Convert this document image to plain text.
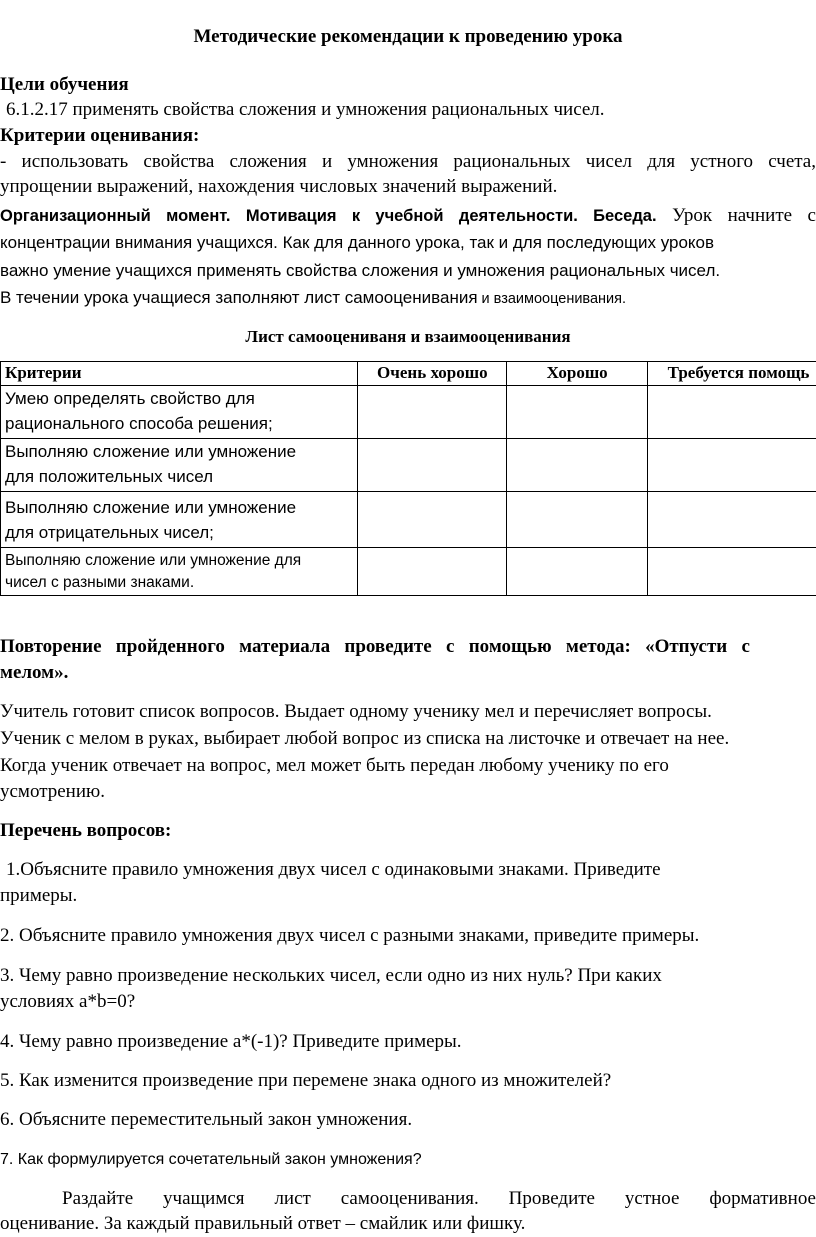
Методические рекомендации к проведению урока
Цели обучения
6.1.2.17 применять свойства сложения и умножения рациональных чисел.
Критерии оценивания:
- использовать свойства сложения и умножения рациональных чисел для устного счета,
упрощении выражений, нахождения числовых значений выражений.
Организационный момент. Мотивация к учебной деятельности. Беседа. Урок начните с
концентрации внимания учащихся. Как для данного урока, так и для последующих уроков
важно умение учащихся применять свойства сложения и умножения рациональных чисел.
В течении урока учащиеся заполняют лист самооценивания и взаимооценивания.
Лист самооцениваня и взаимооценивания
Критерии	Очень хорошо	Хорошо	Требуется помощь

Умею определять свойство для
рационального способа решения;			

Выполняю сложение или умножение
для положительных чисел			

Выполняю сложение или умножение
для отрицательных чисел;			

Выполняю сложение или умножение для
чисел с разными знаками.			

Повторение пройденного материала проведите с помощью метода: «Отпусти с
мелом».
Учитель готовит список вопросов. Выдает одному ученику мел и перечисляет вопросы.
Ученик с мелом в руках, выбирает любой вопрос из списка на листочке и отвечает на нее.
Когда ученик отвечает на вопрос, мел может быть передан любому ученику по его
усмотрению.
Перечень вопросов:
1.Объясните правило умножения двух чисел с одинаковыми знаками. Приведите
примеры.
2. Объясните правило умножения двух чисел с разными знаками, приведите примеры.
3. Чему равно произведение нескольких чисел, если одно из них нуль? При каких
условиях а*b=0?
4. Чему равно произведение а*(-1)? Приведите примеры.
5. Как изменится произведение при перемене знака одного из множителей?
6. Объясните переместительный закон умножения.
7. Как формулируется сочетательный закон умножения?
Раздайте учащимся лист самооценивания. Проведите устное формативное
оценивание. За каждый правильный ответ – смайлик или фишку.
